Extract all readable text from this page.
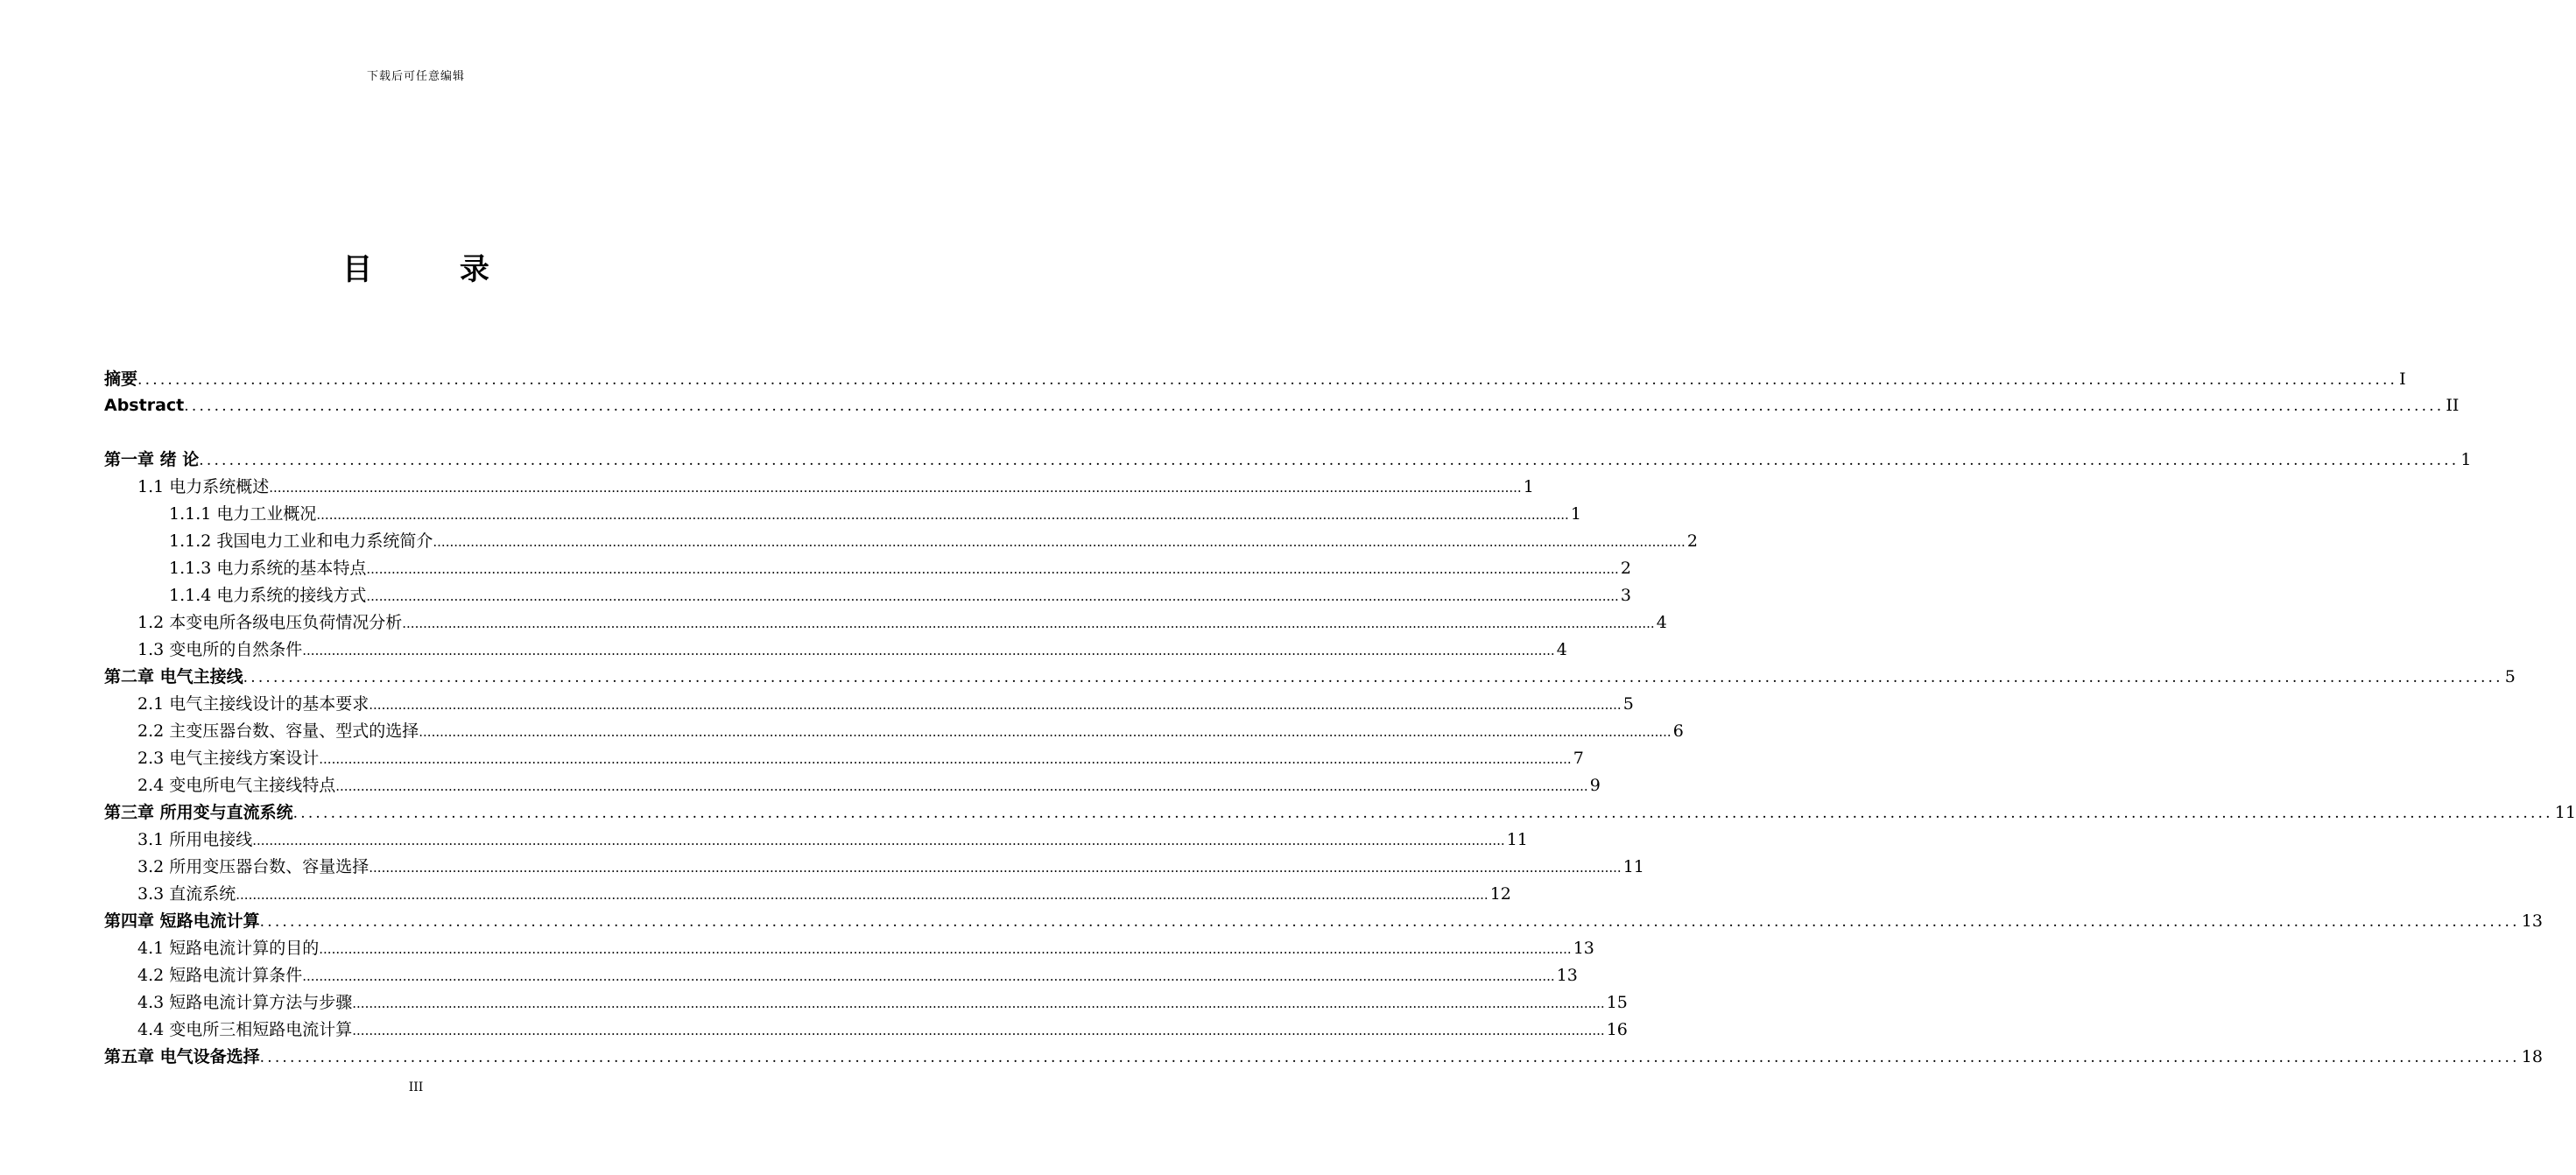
下载后可任意编辑
目 录
摘要 ............................................................................................................................................................................................................................................................................................................ I
Abstract ............................................................................................................................................................................................................................................................................................................ II
第一章 绪 论 ............................................................................................................................................................................................................................................................................................................ 1
1.1 电力系统概述 ............................................................................................................................................................................................................................................................................................................ 1
1.1.1 电力工业概况 ............................................................................................................................................................................................................................................................................................................ 1
1.1.2 我国电力工业和电力系统简介 ............................................................................................................................................................................................................................................................................................................ 2
1.1.3 电力系统的基本特点 ............................................................................................................................................................................................................................................................................................................ 2
1.1.4 电力系统的接线方式 ............................................................................................................................................................................................................................................................................................................ 3
1.2 本变电所各级电压负荷情况分析 ............................................................................................................................................................................................................................................................................................................ 4
1.3 变电所的自然条件 ............................................................................................................................................................................................................................................................................................................ 4
第二章 电气主接线 ............................................................................................................................................................................................................................................................................................................ 5
2.1 电气主接线设计的基本要求 ............................................................................................................................................................................................................................................................................................................ 5
2.2 主变压器台数、容量、型式的选择 ............................................................................................................................................................................................................................................................................................................ 6
2.3 电气主接线方案设计 ............................................................................................................................................................................................................................................................................................................ 7
2.4 变电所电气主接线特点 ............................................................................................................................................................................................................................................................................................................ 9
第三章 所用变与直流系统 ............................................................................................................................................................................................................................................................................................................ 11
3.1 所用电接线 ............................................................................................................................................................................................................................................................................................................ 11
3.2 所用变压器台数、容量选择 ............................................................................................................................................................................................................................................................................................................ 11
3.3 直流系统 ............................................................................................................................................................................................................................................................................................................ 12
第四章 短路电流计算 ............................................................................................................................................................................................................................................................................................................ 13
4.1 短路电流计算的目的 ............................................................................................................................................................................................................................................................................................................ 13
4.2 短路电流计算条件 ............................................................................................................................................................................................................................................................................................................ 13
4.3 短路电流计算方法与步骤 ............................................................................................................................................................................................................................................................................................................ 15
4.4 变电所三相短路电流计算 ............................................................................................................................................................................................................................................................................................................ 16
第五章 电气设备选择 ............................................................................................................................................................................................................................................................................................................ 18
III
